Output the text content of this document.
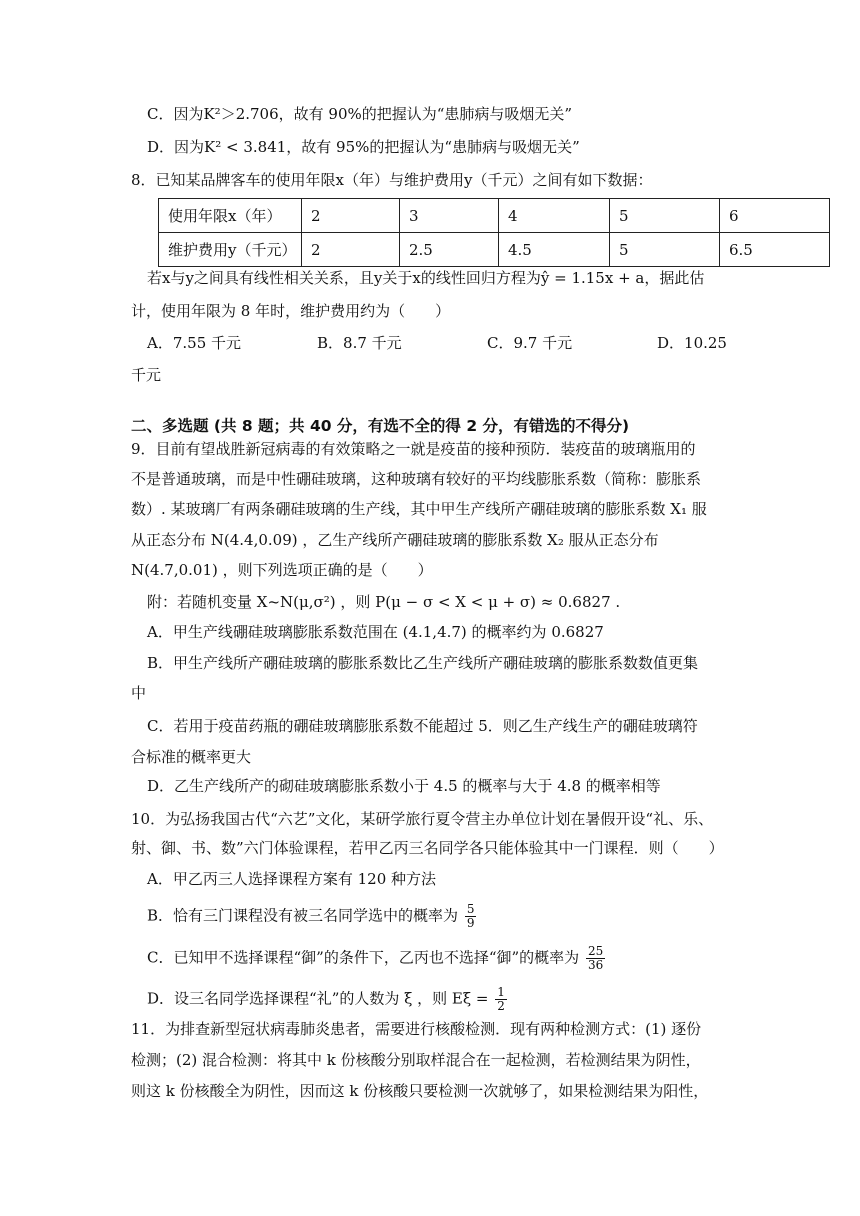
C．因为K²＞2.706，故有 90%的把握认为“患肺病与吸烟无关”
D．因为K² < 3.841，故有 95%的把握认为“患肺病与吸烟无关”
8．已知某品牌客车的使用年限x（年）与维护费用y（千元）之间有如下数据：
使用年限x（年）	2	3	4	5	6
维护费用y（千元）	2	2.5	4.5	5	6.5
若x与y之间具有线性相关关系，且y关于x的线性回归方程为ŷ = 1.15x + a，据此估
计，使用年限为 8 年时，维护费用约为（　　）
A．7.55 千元	B．8.7 千元	C．9.7 千元	D．10.25
千元
二、多选题 (共 8 题；共 40 分，有选不全的得 2 分，有错选的不得分)
9．目前有望战胜新冠病毒的有效策略之一就是疫苗的接种预防．装疫苗的玻璃瓶用的
不是普通玻璃，而是中性硼硅玻璃，这种玻璃有较好的平均线膨胀系数（简称：膨胀系
数）. 某玻璃厂有两条硼硅玻璃的生产线，其中甲生产线所产硼硅玻璃的膨胀系数 X₁ 服
从正态分布 N(4.4,0.09) ，乙生产线所产硼硅玻璃的膨胀系数 X₂ 服从正态分布
N(4.7,0.01) ，则下列选项正确的是（　　）
附：若随机变量 X~N(μ,σ²) ，则 P(μ − σ < X < μ + σ) ≈ 0.6827 .
A．甲生产线硼硅玻璃膨胀系数范围在 (4.1,4.7) 的概率约为 0.6827
B．甲生产线所产硼硅玻璃的膨胀系数比乙生产线所产硼硅玻璃的膨胀系数数值更集
中
C．若用于疫苗药瓶的硼硅玻璃膨胀系数不能超过 5．则乙生产线生产的硼硅玻璃符
合标准的概率更大
D．乙生产线所产的砌硅玻璃膨胀系数小于 4.5 的概率与大于 4.8 的概率相等
10．为弘扬我国古代“六艺”文化，某研学旅行夏令营主办单位计划在暑假开设“礼、乐、
射、御、书、数”六门体验课程，若甲乙丙三名同学各只能体验其中一门课程．则（　　）
A．甲乙丙三人选择课程方案有 120 种方法
B．恰有三门课程没有被三名同学选中的概率为 $\frac{5}{9}$
C．已知甲不选择课程“御”的条件下，乙丙也不选择“御”的概率为 $\frac{25}{36}$
D．设三名同学选择课程“礼”的人数为 ξ ，则 $E\xi = \frac{1}{2}$
11．为排查新型冠状病毒肺炎患者，需要进行核酸检测．现有两种检测方式：(1) 逐份
检测；(2) 混合检测：将其中 k 份核酸分别取样混合在一起检测，若检测结果为阴性，
则这 k 份核酸全为阴性，因而这 k 份核酸只要检测一次就够了，如果检测结果为阳性，
